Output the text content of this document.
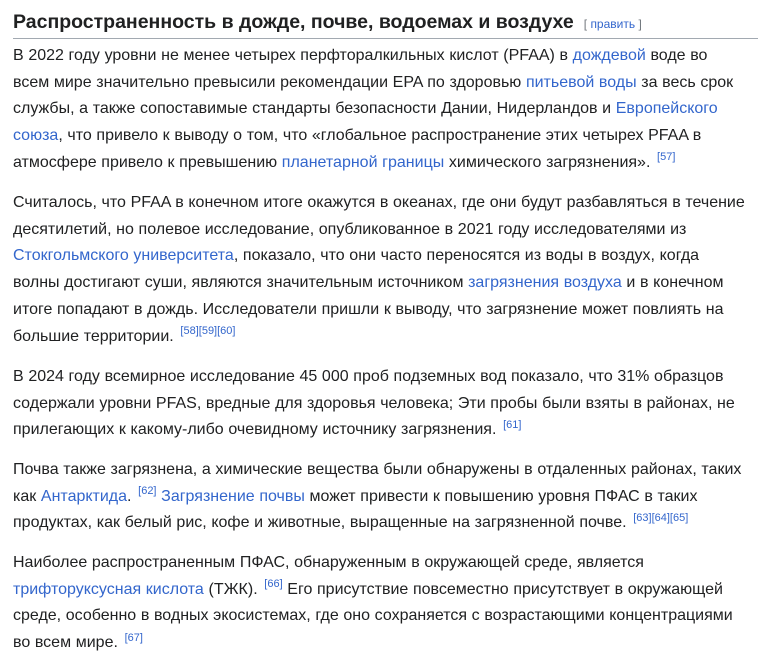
Распространенность в дожде, почве, водоемах и воздухе [ править ]

В 2022 году уровни не менее четырех перфторалкильных кислот (PFAA) в дождевой воде во
всем мире значительно превысили рекомендации EPA по здоровью питьевой воды за весь срок
службы, а также сопоставимые стандарты безопасности Дании, Нидерландов и Европейского
союза, что привело к выводу о том, что «глобальное распространение этих четырех PFAA в
атмосфере привело к превышению планетарной границы химического загрязнения». [57]

Считалось, что PFAA в конечном итоге окажутся в океанах, где они будут разбавляться в течение
десятилетий, но полевое исследование, опубликованное в 2021 году исследователями из
Стокгольмского университета, показало, что они часто переносятся из воды в воздух, когда
волны достигают суши, являются значительным источником загрязнения воздуха и в конечном
итоге попадают в дождь. Исследователи пришли к выводу, что загрязнение может повлиять на
большие территории. [58][59][60]

В 2024 году всемирное исследование 45 000 проб подземных вод показало, что 31% образцов
содержали уровни PFAS, вредные для здоровья человека; Эти пробы были взяты в районах, не
прилегающих к какому-либо очевидному источнику загрязнения. [61]

Почва также загрязнена, а химические вещества были обнаружены в отдаленных районах, таких
как Антарктида. [62] Загрязнение почвы может привести к повышению уровня ПФАС в таких
продуктах, как белый рис, кофе и животные, выращенные на загрязненной почве. [63][64][65]

Наиболее распространенным ПФАС, обнаруженным в окружающей среде, является
трифторуксусная кислота (ТЖК). [66] Его присутствие повсеместно присутствует в окружающей
среде, особенно в водных экосистемах, где оно сохраняется с возрастающими концентрациями
во всем мире. [67]
